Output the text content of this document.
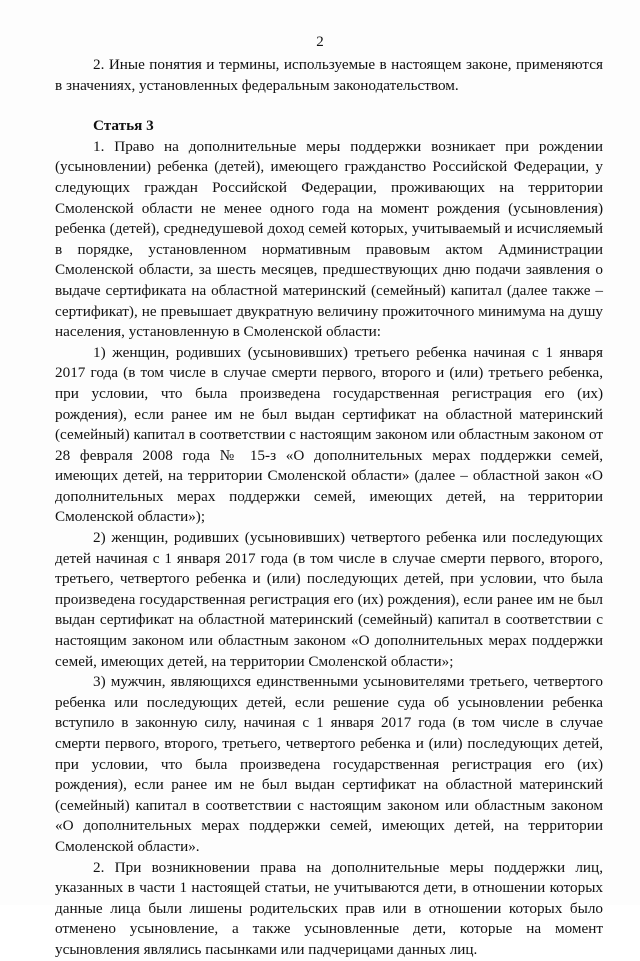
2

2. Иные понятия и термины, используемые в настоящем законе, применяются в значениях, установленных федеральным законодательством.

Статья 3

1. Право на дополнительные меры поддержки возникает при рождении (усыновлении) ребенка (детей), имеющего гражданство Российской Федерации, у следующих граждан Российской Федерации, проживающих на территории Смоленской области не менее одного года на момент рождения (усыновления) ребенка (детей), среднедушевой доход семей которых, учитываемый и исчисляемый в порядке, установленном нормативным правовым актом Администрации Смоленской области, за шесть месяцев, предшествующих дню подачи заявления о выдаче сертификата на областной материнский (семейный) капитал (далее также – сертификат), не превышает двукратную величину прожиточного минимума на душу населения, установленную в Смоленской области:

1) женщин, родивших (усыновивших) третьего ребенка начиная с 1 января 2017 года (в том числе в случае смерти первого, второго и (или) третьего ребенка, при условии, что была произведена государственная регистрация его (их) рождения), если ранее им не был выдан сертификат на областной материнский (семейный) капитал в соответствии с настоящим законом или областным законом от 28 февраля 2008 года № 15-з «О дополнительных мерах поддержки семей, имеющих детей, на территории Смоленской области» (далее – областной закон «О дополнительных мерах поддержки семей, имеющих детей, на территории Смоленской области»);

2) женщин, родивших (усыновивших) четвертого ребенка или последующих детей начиная с 1 января 2017 года (в том числе в случае смерти первого, второго, третьего, четвертого ребенка и (или) последующих детей, при условии, что была произведена государственная регистрация его (их) рождения), если ранее им не был выдан сертификат на областной материнский (семейный) капитал в соответствии с настоящим законом или областным законом «О дополнительных мерах поддержки семей, имеющих детей, на территории Смоленской области»;

3) мужчин, являющихся единственными усыновителями третьего, четвертого ребенка или последующих детей, если решение суда об усыновлении ребенка вступило в законную силу, начиная с 1 января 2017 года (в том числе в случае смерти первого, второго, третьего, четвертого ребенка и (или) последующих детей, при условии, что была произведена государственная регистрация его (их) рождения), если ранее им не был выдан сертификат на областной материнский (семейный) капитал в соответствии с настоящим законом или областным законом «О дополнительных мерах поддержки семей, имеющих детей, на территории Смоленской области».

2. При возникновении права на дополнительные меры поддержки лиц, указанных в части 1 настоящей статьи, не учитываются дети, в отношении которых данные лица были лишены родительских прав или в отношении которых было отменено усыновление, а также усыновленные дети, которые на момент усыновления являлись пасынками или падчерицами данных лиц.
